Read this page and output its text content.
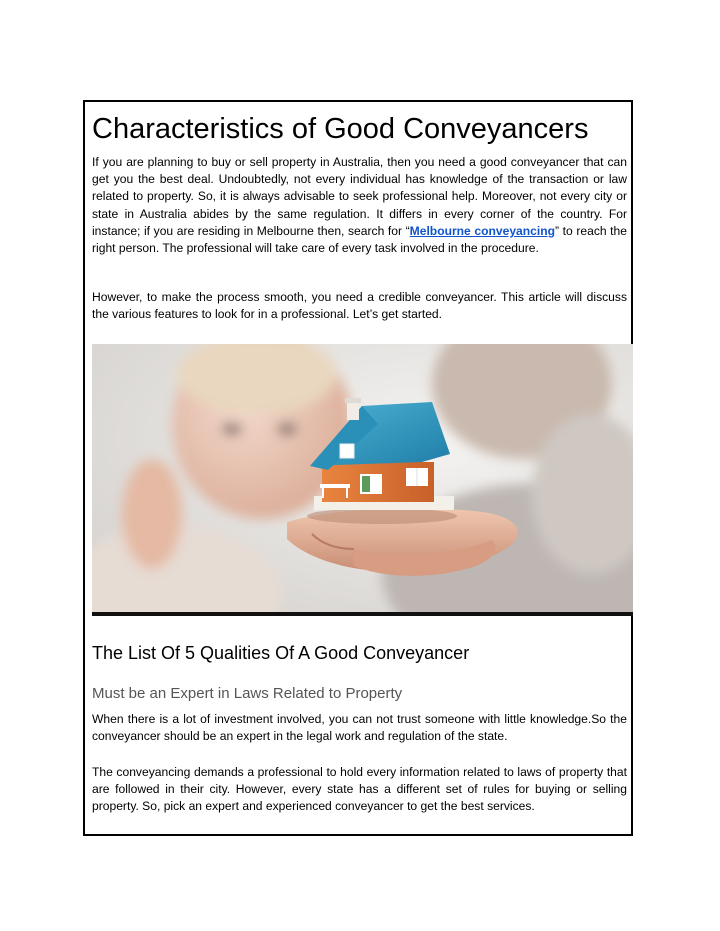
Characteristics of Good Conveyancers

If you are planning to buy or sell property in Australia, then you need a good conveyancer that can get you the best deal. Undoubtedly, not every individual has knowledge of the transaction or law related to property. So, it is always advisable to seek professional help. Moreover, not every city or state in Australia abides by the same regulation. It differs in every corner of the country. For instance; if you are residing in Melbourne then, search for “Melbourne conveyancing” to reach the right person. The professional will take care of every task involved in the procedure.

However, to make the process smooth, you need a credible conveyancer. This article will discuss the various features to look for in a professional. Let’s get started.

The List Of 5 Qualities Of A Good Conveyancer
Must be an Expert in Laws Related to Property

When there is a lot of investment involved, you can not trust someone with little knowledge.So the conveyancer should be an expert in the legal work and regulation of the state.

The conveyancing demands a professional to hold every information related to laws of property that are followed in their city. However, every state has a different set of rules for buying or selling property. So, pick an expert and experienced conveyancer to get the best services.
